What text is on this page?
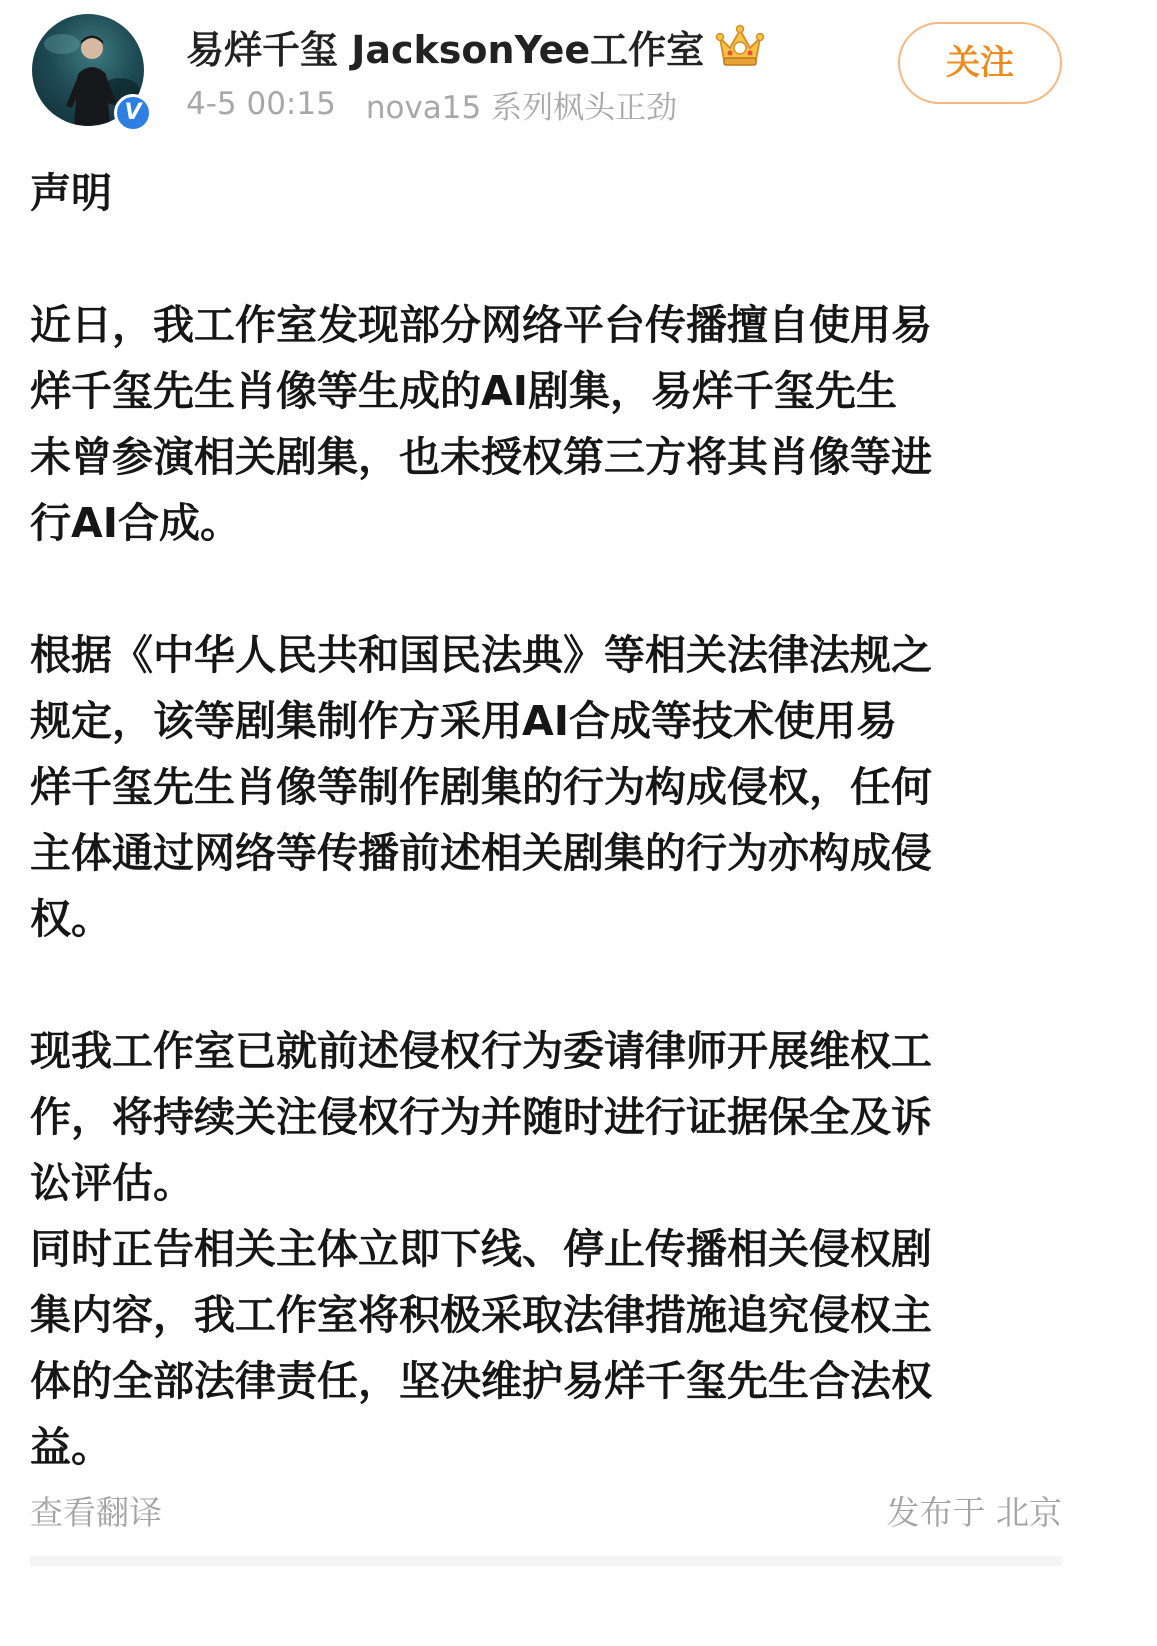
V
易烊千玺 JacksonYee工作室
4-5 00:15 nova15 系列枫头正劲
关注

声明

近日，我工作室发现部分网络平台传播擅自使用易
烊千玺先生肖像等生成的AI剧集，易烊千玺先生
未曾参演相关剧集，也未授权第三方将其肖像等进
行AI合成。

根据《中华人民共和国民法典》等相关法律法规之
规定，该等剧集制作方采用AI合成等技术使用易
烊千玺先生肖像等制作剧集的行为构成侵权，任何
主体通过网络等传播前述相关剧集的行为亦构成侵
权。

现我工作室已就前述侵权行为委请律师开展维权工
作，将持续关注侵权行为并随时进行证据保全及诉
讼评估。

同时正告相关主体立即下线、停止传播相关侵权剧
集内容，我工作室将积极采取法律措施追究侵权主
体的全部法律责任，坚决维护易烊千玺先生合法权
益。

查看翻译	发布于 北京
